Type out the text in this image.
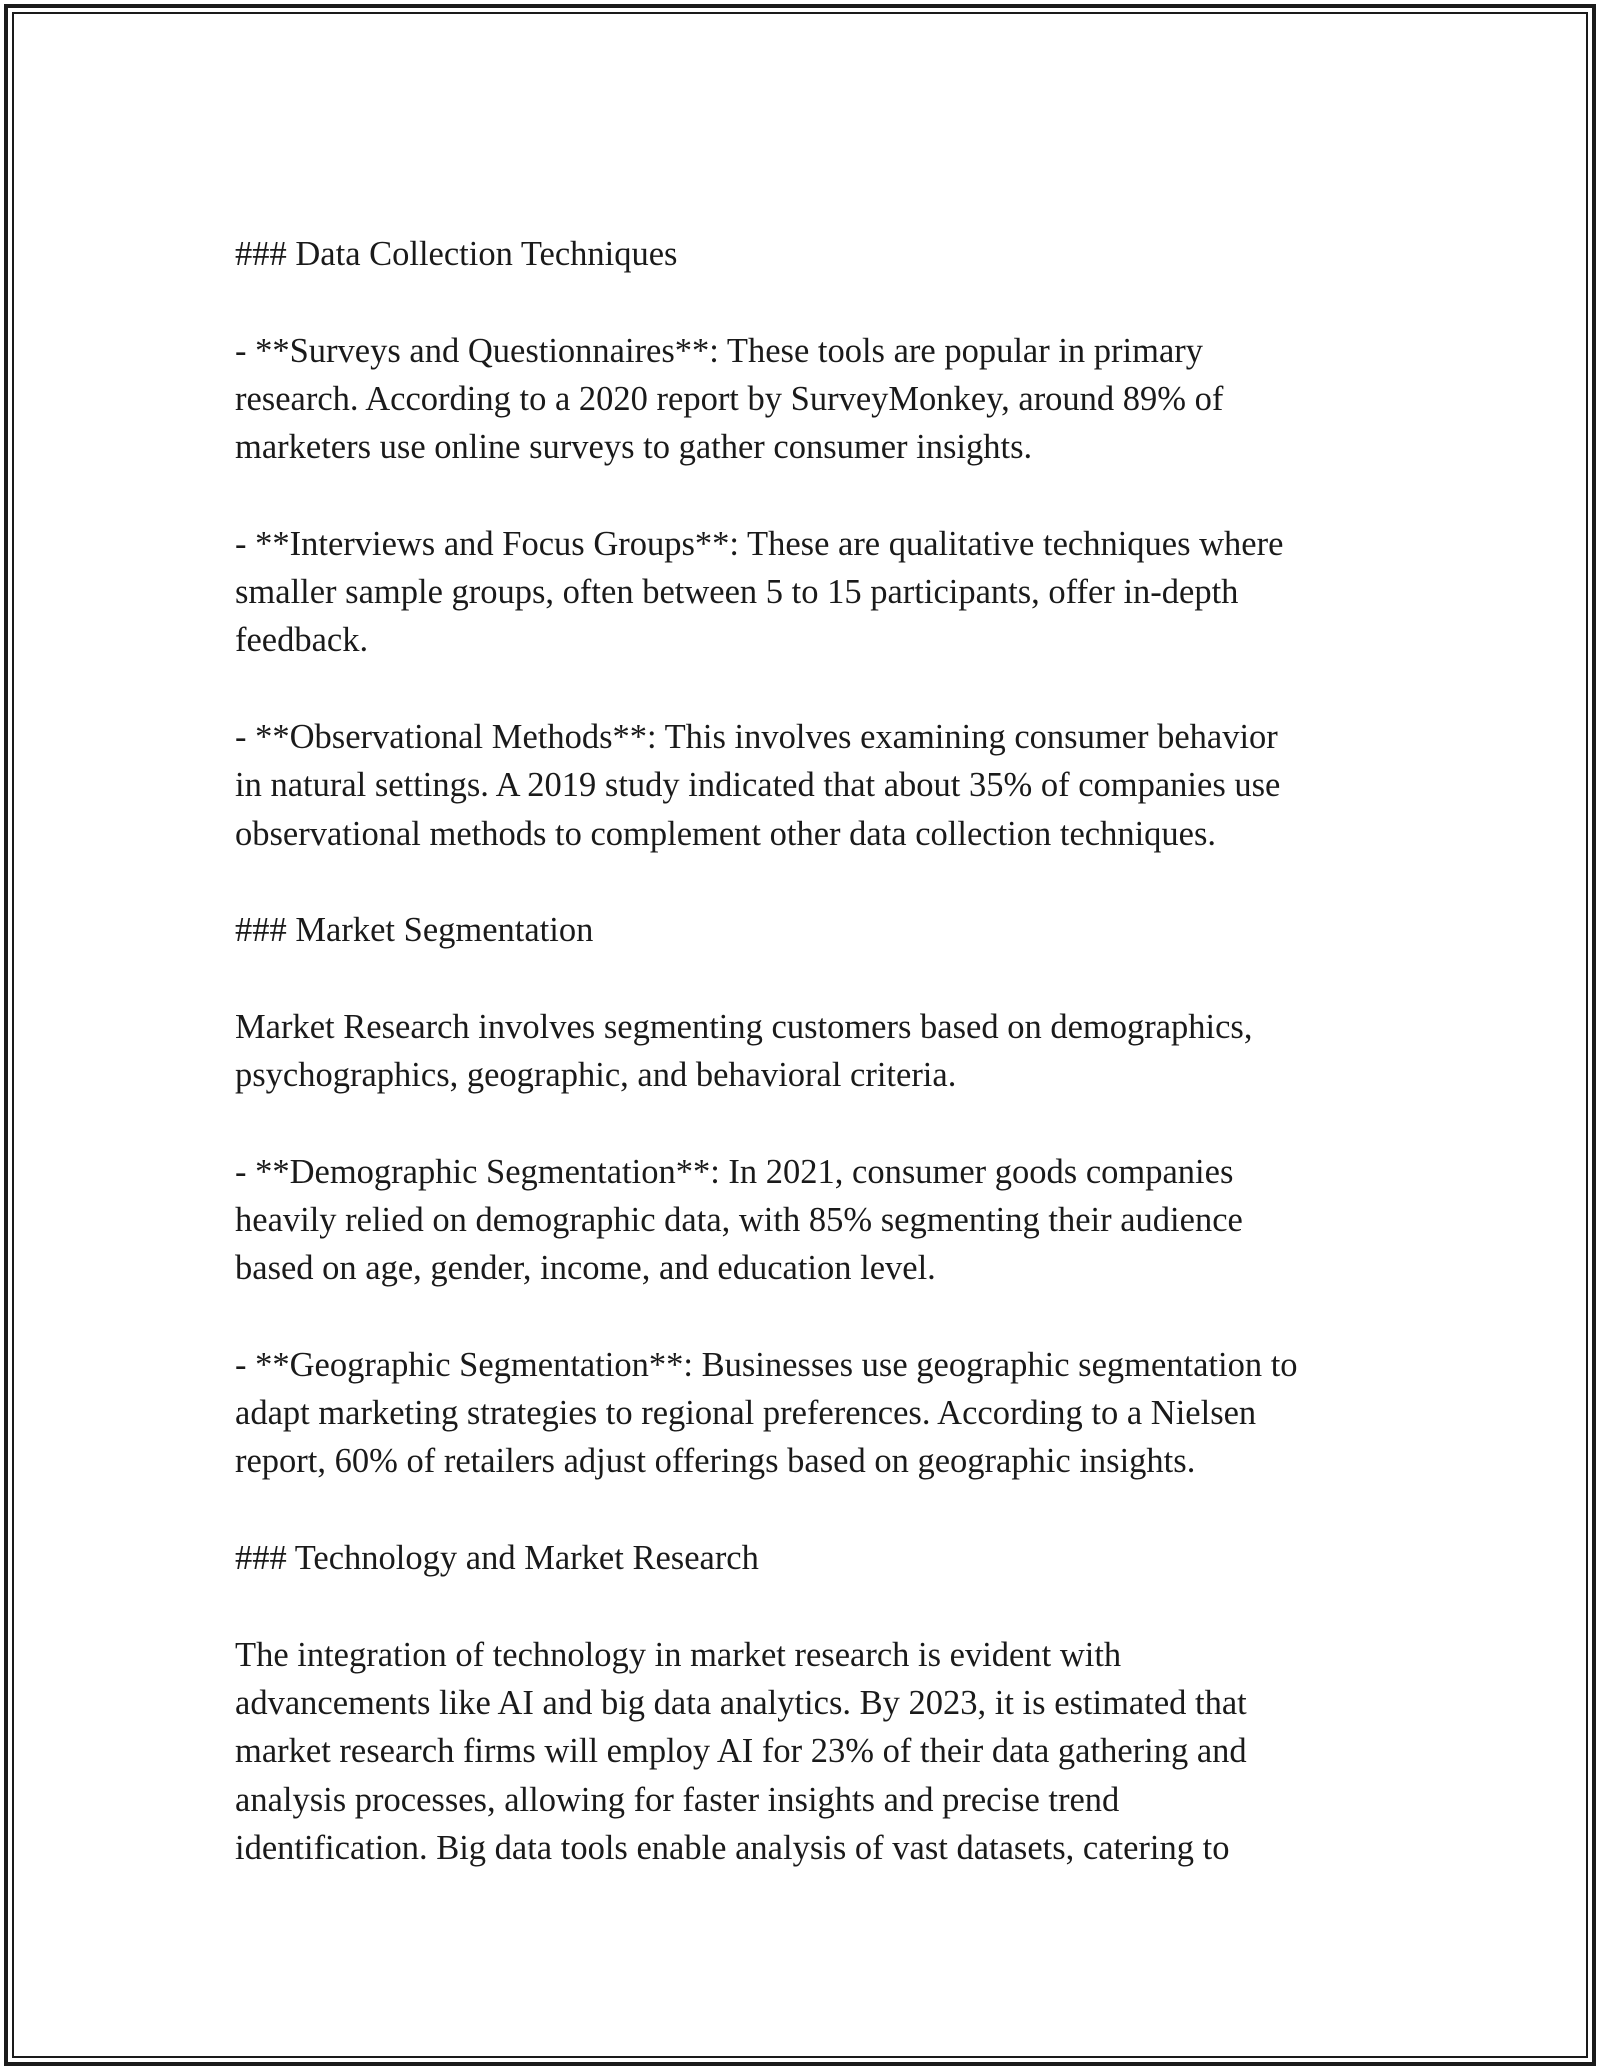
### Data Collection Techniques
- **Surveys and Questionnaires**: These tools are popular in primary
research. According to a 2020 report by SurveyMonkey, around 89% of
marketers use online surveys to gather consumer insights.
- **Interviews and Focus Groups**: These are qualitative techniques where
smaller sample groups, often between 5 to 15 participants, offer in-depth
feedback.
- **Observational Methods**: This involves examining consumer behavior
in natural settings. A 2019 study indicated that about 35% of companies use
observational methods to complement other data collection techniques.
### Market Segmentation
Market Research involves segmenting customers based on demographics,
psychographics, geographic, and behavioral criteria.
- **Demographic Segmentation**: In 2021, consumer goods companies
heavily relied on demographic data, with 85% segmenting their audience
based on age, gender, income, and education level.
- **Geographic Segmentation**: Businesses use geographic segmentation to
adapt marketing strategies to regional preferences. According to a Nielsen
report, 60% of retailers adjust offerings based on geographic insights.
### Technology and Market Research
The integration of technology in market research is evident with
advancements like AI and big data analytics. By 2023, it is estimated that
market research firms will employ AI for 23% of their data gathering and
analysis processes, allowing for faster insights and precise trend
identification. Big data tools enable analysis of vast datasets, catering to
